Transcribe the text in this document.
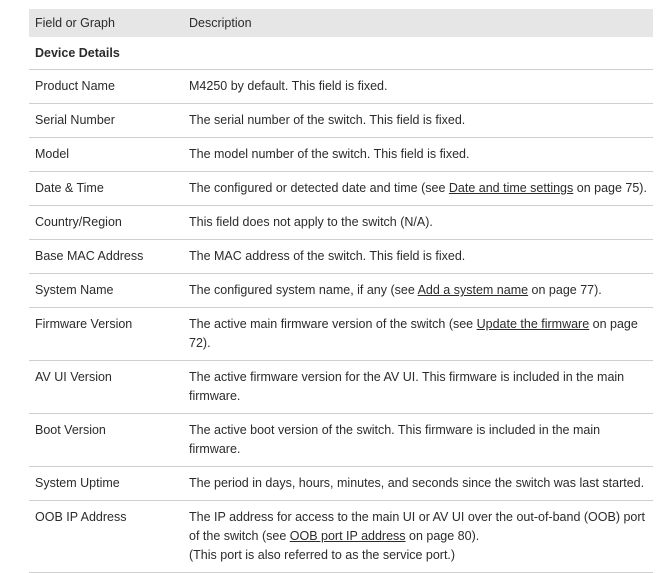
Field or Graph	Description
Device Details
Product Name	M4250 by default. This field is fixed.
Serial Number	The serial number of the switch. This field is fixed.
Model	The model number of the switch. This field is fixed.
Date & Time	The configured or detected date and time (see Date and time settings on page 75).
Country/Region	This field does not apply to the switch (N/A).
Base MAC Address	The MAC address of the switch. This field is fixed.
System Name	The configured system name, if any (see Add a system name on page 77).
Firmware Version	The active main firmware version of the switch (see Update the firmware on page 72).
AV UI Version	The active firmware version for the AV UI. This firmware is included in the main firmware.
Boot Version	The active boot version of the switch. This firmware is included in the main firmware.
System Uptime	The period in days, hours, minutes, and seconds since the switch was last started.
OOB IP Address	The IP address for access to the main UI or AV UI over the out-of-band (OOB) port of the switch (see OOB port IP address on page 80).
(This port is also referred to as the service port.)
